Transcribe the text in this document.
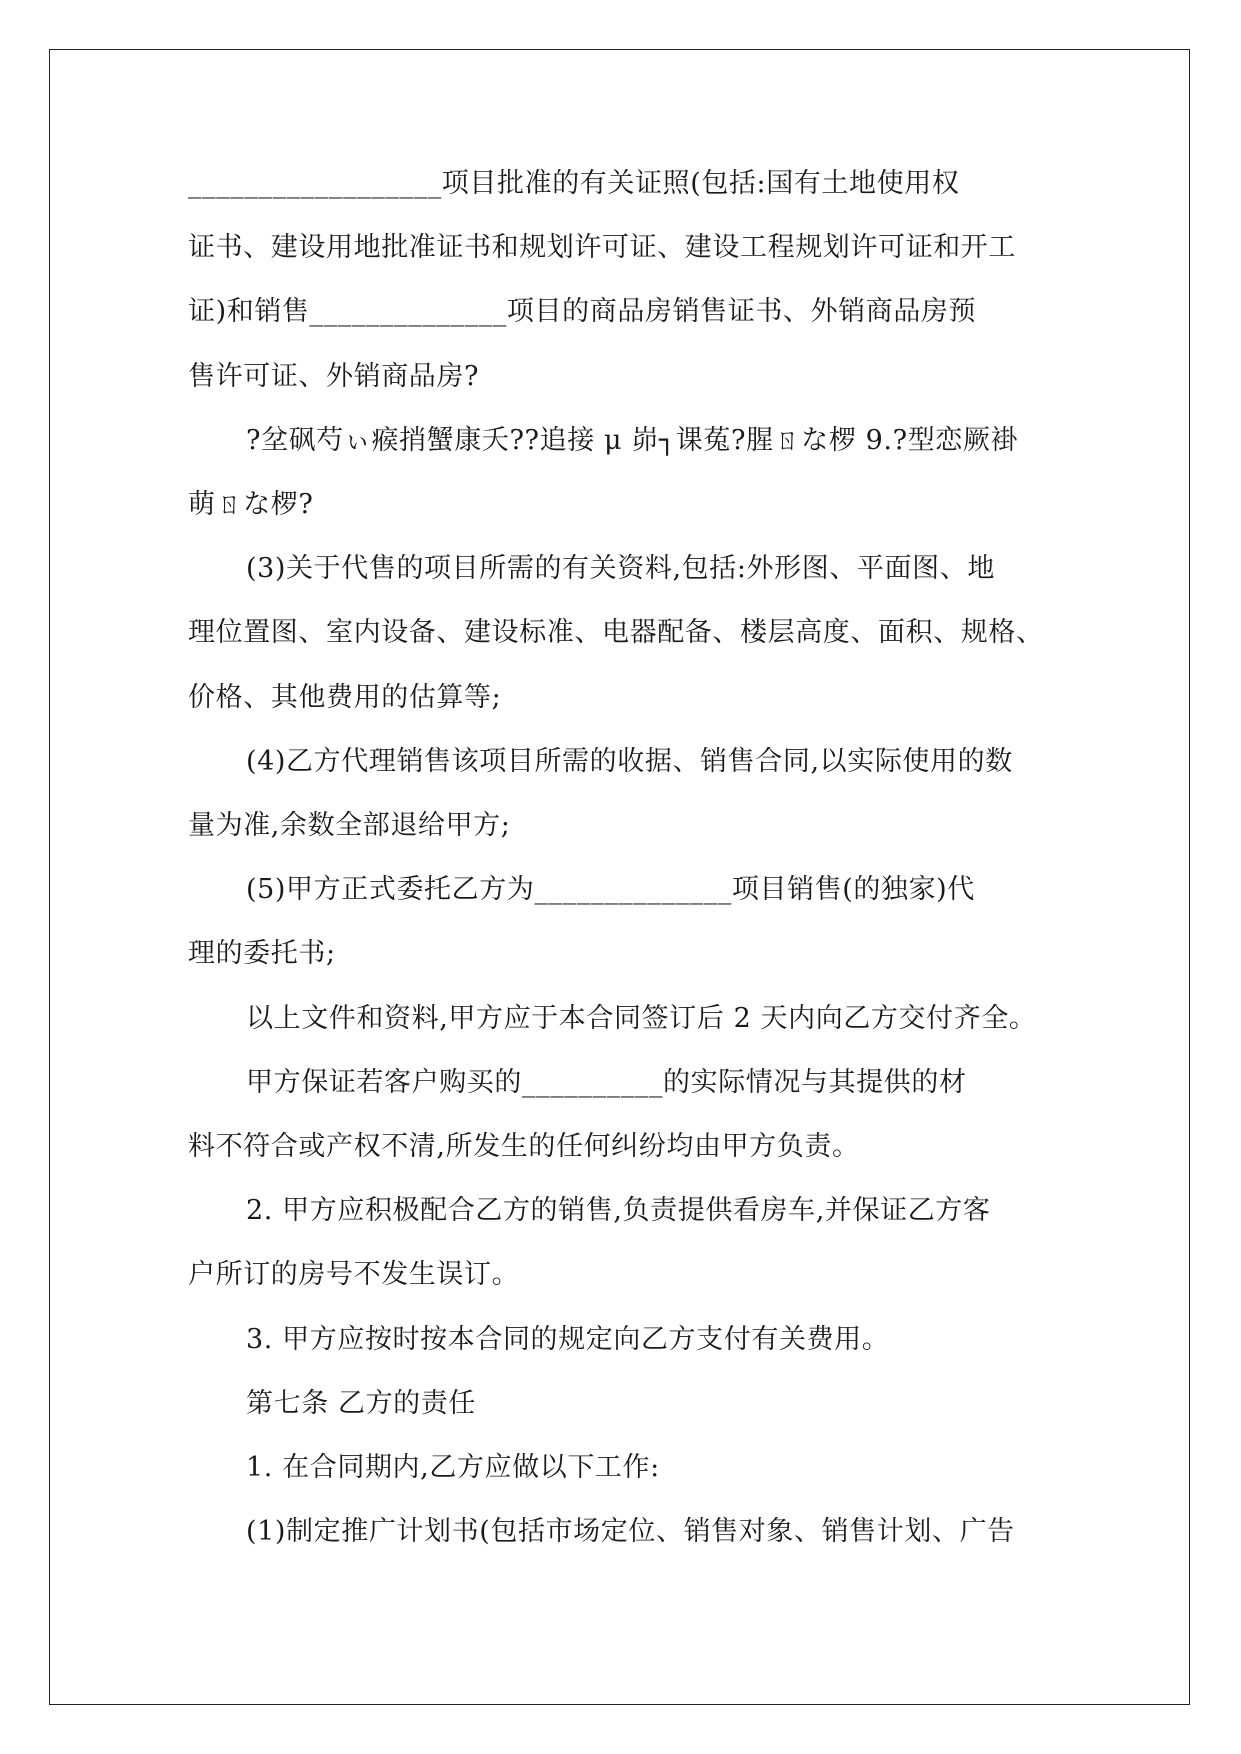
__________________项目批准的有关证照(包括:国有土地使用权

证书、建设用地批准证书和规划许可证、建设工程规划许可证和开工

证)和销售______________项目的商品房销售证书、外销商品房预

售许可证、外销商品房?

?坌砜芍ぃ瘊捎蟹康夭??追接 μ 峁┐课菟?腥ㄖな椤 9.?型恋厥褂

萌ㄖな椤?

(3)关于代售的项目所需的有关资料,包括:外形图、平面图、地

理位置图、室内设备、建设标准、电器配备、楼层高度、面积、规格、

价格、其他费用的估算等;

(4)乙方代理销售该项目所需的收据、销售合同,以实际使用的数

量为准,余数全部退给甲方;

(5)甲方正式委托乙方为______________项目销售(的独家)代

理的委托书;

以上文件和资料,甲方应于本合同签订后 2 天内向乙方交付齐全。

甲方保证若客户购买的__________的实际情况与其提供的材

料不符合或产权不清,所发生的任何纠纷均由甲方负责。

2. 甲方应积极配合乙方的销售,负责提供看房车,并保证乙方客

户所订的房号不发生误订。

3. 甲方应按时按本合同的规定向乙方支付有关费用。

第七条 乙方的责任

1. 在合同期内,乙方应做以下工作:

(1)制定推广计划书(包括市场定位、销售对象、销售计划、广告
